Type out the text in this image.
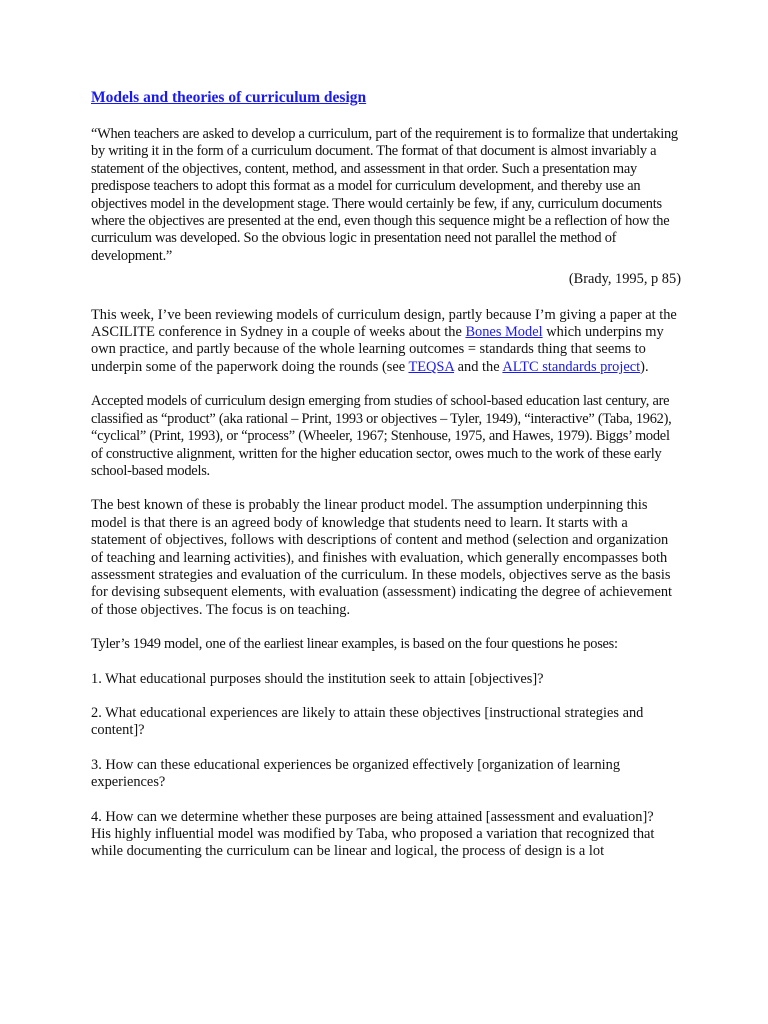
Models and theories of curriculum design

“When teachers are asked to develop a curriculum, part of the requirement is to formalize that undertaking by writing it in the form of a curriculum document. The format of that document is almost invariably a statement of the objectives, content, method, and assessment in that order. Such a presentation may predispose teachers to adopt this format as a model for curriculum development, and thereby use an objectives model in the development stage. There would certainly be few, if any, curriculum documents where the objectives are presented at the end, even though this sequence might be a reflection of how the curriculum was developed. So the obvious logic in presentation need not parallel the method of development.”

(Brady, 1995, p 85)

This week, I’ve been reviewing models of curriculum design, partly because I’m giving a paper at the ASCILITE conference in Sydney in a couple of weeks about the Bones Model which underpins my own practice, and partly because of the whole learning outcomes = standards thing that seems to underpin some of the paperwork doing the rounds (see TEQSA and the ALTC standards project).

Accepted models of curriculum design emerging from studies of school-based education last century, are classified as “product” (aka rational – Print, 1993 or objectives – Tyler, 1949), “interactive” (Taba, 1962), “cyclical” (Print, 1993), or “process” (Wheeler, 1967; Stenhouse, 1975, and Hawes, 1979). Biggs’ model of constructive alignment, written for the higher education sector, owes much to the work of these early school-based models.

The best known of these is probably the linear product model. The assumption underpinning this model is that there is an agreed body of knowledge that students need to learn. It starts with a statement of objectives, follows with descriptions of content and method (selection and organization of teaching and learning activities), and finishes with evaluation, which generally encompasses both assessment strategies and evaluation of the curriculum. In these models, objectives serve as the basis for devising subsequent elements, with evaluation (assessment) indicating the degree of achievement of those objectives. The focus is on teaching.

Tyler’s 1949 model, one of the earliest linear examples, is based on the four questions he poses:

1. What educational purposes should the institution seek to attain [objectives]?

2. What educational experiences are likely to attain these objectives [instructional strategies and content]?

3. How can these educational experiences be organized effectively [organization of learning experiences?

4. How can we determine whether these purposes are being attained [assessment and evaluation]?

His highly influential model was modified by Taba, who proposed a variation that recognized that while documenting the curriculum can be linear and logical, the process of design is a lot
